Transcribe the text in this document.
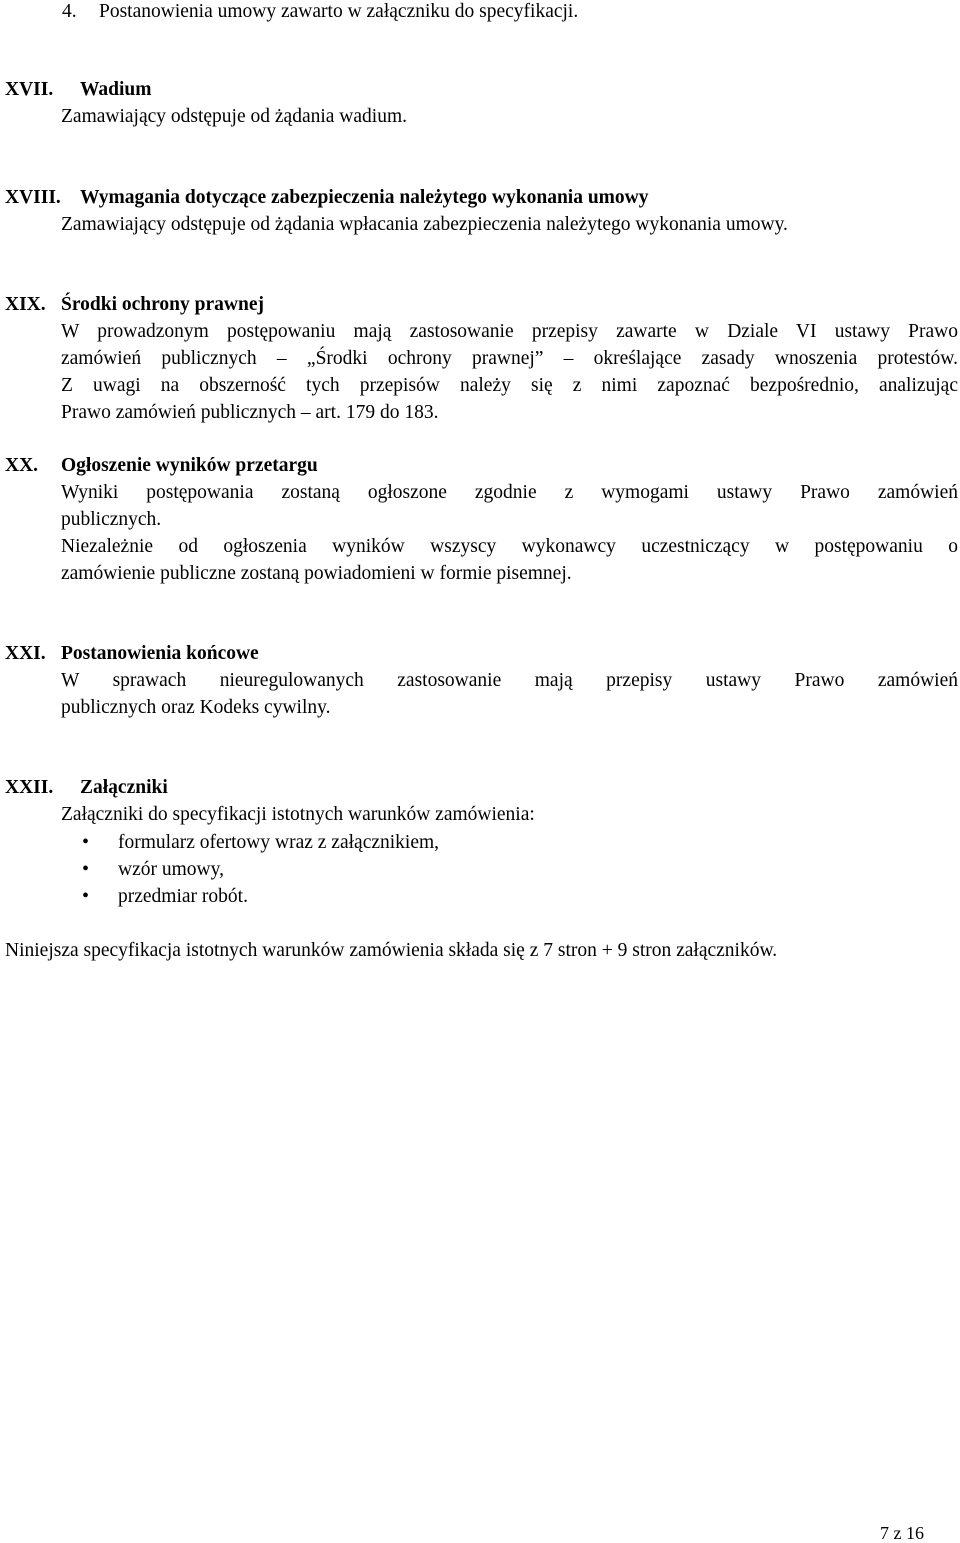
4. Postanowienia umowy zawarto w załączniku do specyfikacji.
XVII. Wadium
Zamawiający odstępuje od żądania wadium.
XVIII. Wymagania dotyczące zabezpieczenia należytego wykonania umowy
Zamawiający odstępuje od żądania wpłacania zabezpieczenia należytego wykonania umowy.
XIX. Środki ochrony prawnej
W prowadzonym postępowaniu mają zastosowanie przepisy zawarte w Dziale VI ustawy Prawo
zamówień publicznych – „Środki ochrony prawnej” – określające zasady wnoszenia protestów.
Z uwagi na obszerność tych przepisów należy się z nimi zapoznać bezpośrednio, analizując
Prawo zamówień publicznych – art. 179 do 183.
XX. Ogłoszenie wyników przetargu
Wyniki postępowania zostaną ogłoszone zgodnie z wymogami ustawy Prawo zamówień
publicznych.
Niezależnie od ogłoszenia wyników wszyscy wykonawcy uczestniczący w postępowaniu o
zamówienie publiczne zostaną powiadomieni w formie pisemnej.
XXI. Postanowienia końcowe
W sprawach nieuregulowanych zastosowanie mają przepisy ustawy Prawo zamówień
publicznych oraz Kodeks cywilny.
XXII. Załączniki
Załączniki do specyfikacji istotnych warunków zamówienia:
• formularz ofertowy wraz z załącznikiem,
• wzór umowy,
• przedmiar robót.
Niniejsza specyfikacja istotnych warunków zamówienia składa się z 7 stron + 9 stron załączników.
7 z 16
